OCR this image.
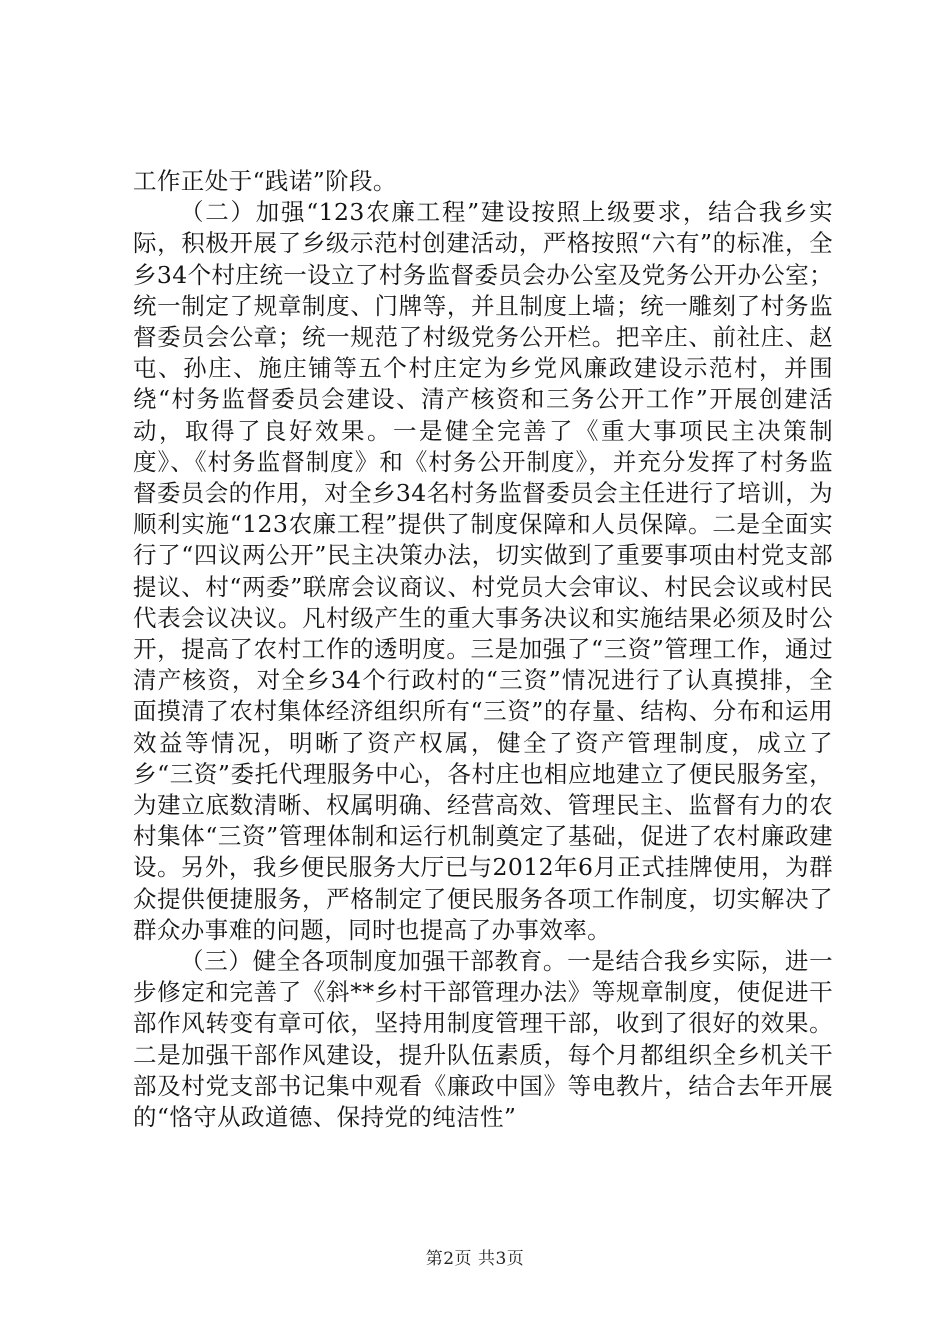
工作正处于“践诺”阶段。

（二）加强“123农廉工程”建设按照上级要求，结合我乡实际，积极开展了乡级示范村创建活动，严格按照“六有”的标准，全乡34个村庄统一设立了村务监督委员会办公室及党务公开办公室；统一制定了规章制度、门牌等，并且制度上墙；统一雕刻了村务监督委员会公章；统一规范了村级党务公开栏。把辛庄、前社庄、赵屯、孙庄、施庄铺等五个村庄定为乡党风廉政建设示范村，并围绕“村务监督委员会建设、清产核资和三务公开工作”开展创建活动，取得了良好效果。一是健全完善了《重大事项民主决策制度》、《村务监督制度》和《村务公开制度》，并充分发挥了村务监督委员会的作用，对全乡34名村务监督委员会主任进行了培训，为顺利实施“123农廉工程”提供了制度保障和人员保障。二是全面实行了“四议两公开”民主决策办法，切实做到了重要事项由村党支部提议、村“两委”联席会议商议、村党员大会审议、村民会议或村民代表会议决议。凡村级产生的重大事务决议和实施结果必须及时公开，提高了农村工作的透明度。三是加强了“三资”管理工作，通过清产核资，对全乡34个行政村的“三资”情况进行了认真摸排，全面摸清了农村集体经济组织所有“三资”的存量、结构、分布和运用效益等情况，明晰了资产权属，健全了资产管理制度，成立了乡“三资”委托代理服务中心，各村庄也相应地建立了便民服务室，为建立底数清晰、权属明确、经营高效、管理民主、监督有力的农村集体“三资”管理体制和运行机制奠定了基础，促进了农村廉政建设。另外，我乡便民服务大厅已与2012年6月正式挂牌使用，为群众提供便捷服务，严格制定了便民服务各项工作制度，切实解决了群众办事难的问题，同时也提高了办事效率。

（三）健全各项制度加强干部教育。一是结合我乡实际，进一步修定和完善了《斜**乡村干部管理办法》等规章制度，使促进干部作风转变有章可依，坚持用制度管理干部，收到了很好的效果。二是加强干部作风建设，提升队伍素质，每个月都组织全乡机关干部及村党支部书记集中观看《廉政中国》等电教片，结合去年开展的“恪守从政道德、保持党的纯洁性”

第2页 共3页
